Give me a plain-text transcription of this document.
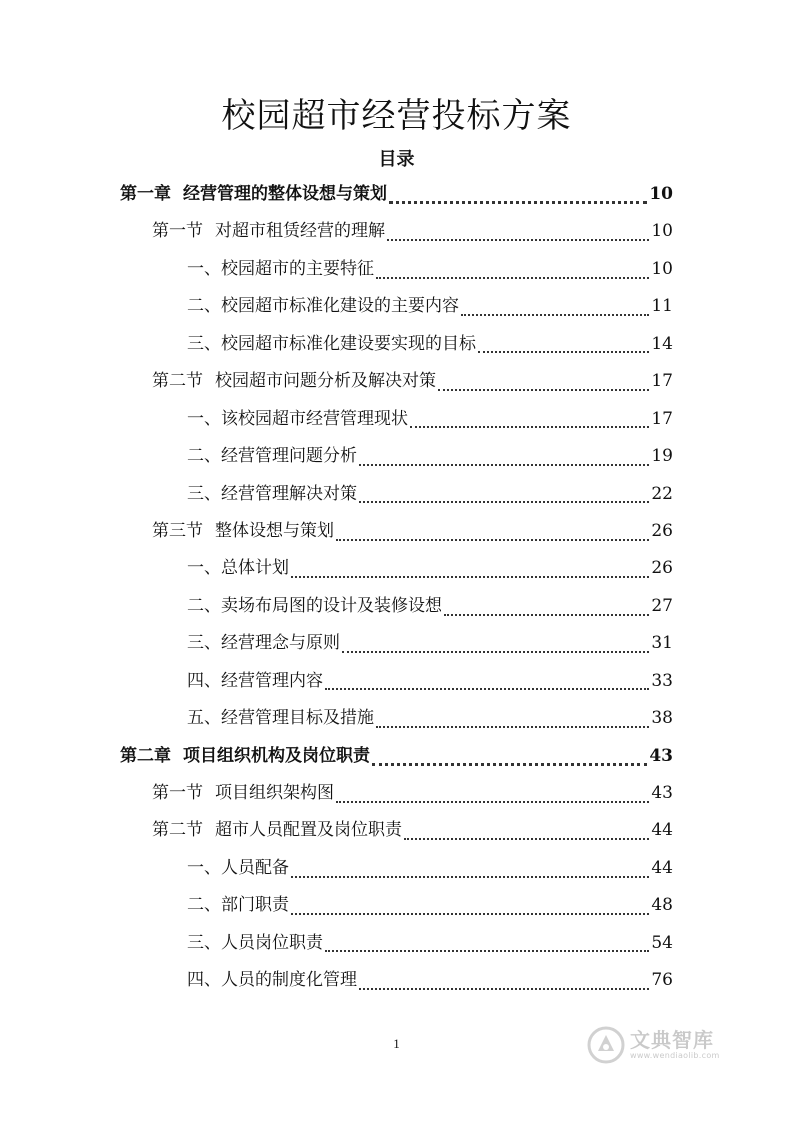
校园超市经营投标方案
目录
第一章 经营管理的整体设想与策划	10
第一节 对超市租赁经营的理解	10
一、校园超市的主要特征	10
二、校园超市标准化建设的主要内容	11
三、校园超市标准化建设要实现的目标	14
第二节 校园超市问题分析及解决对策	17
一、该校园超市经营管理现状	17
二、经营管理问题分析	19
三、经营管理解决对策	22
第三节 整体设想与策划	26
一、总体计划	26
二、卖场布局图的设计及装修设想	27
三、经营理念与原则	31
四、经营管理内容	33
五、经营管理目标及措施	38
第二章 项目组织机构及岗位职责	43
第一节 项目组织架构图	43
第二节 超市人员配置及岗位职责	44
一、人员配备	44
二、部门职责	48
三、人员岗位职责	54
四、人员的制度化管理	76
1	文典智库
www.wendiaolib.com
